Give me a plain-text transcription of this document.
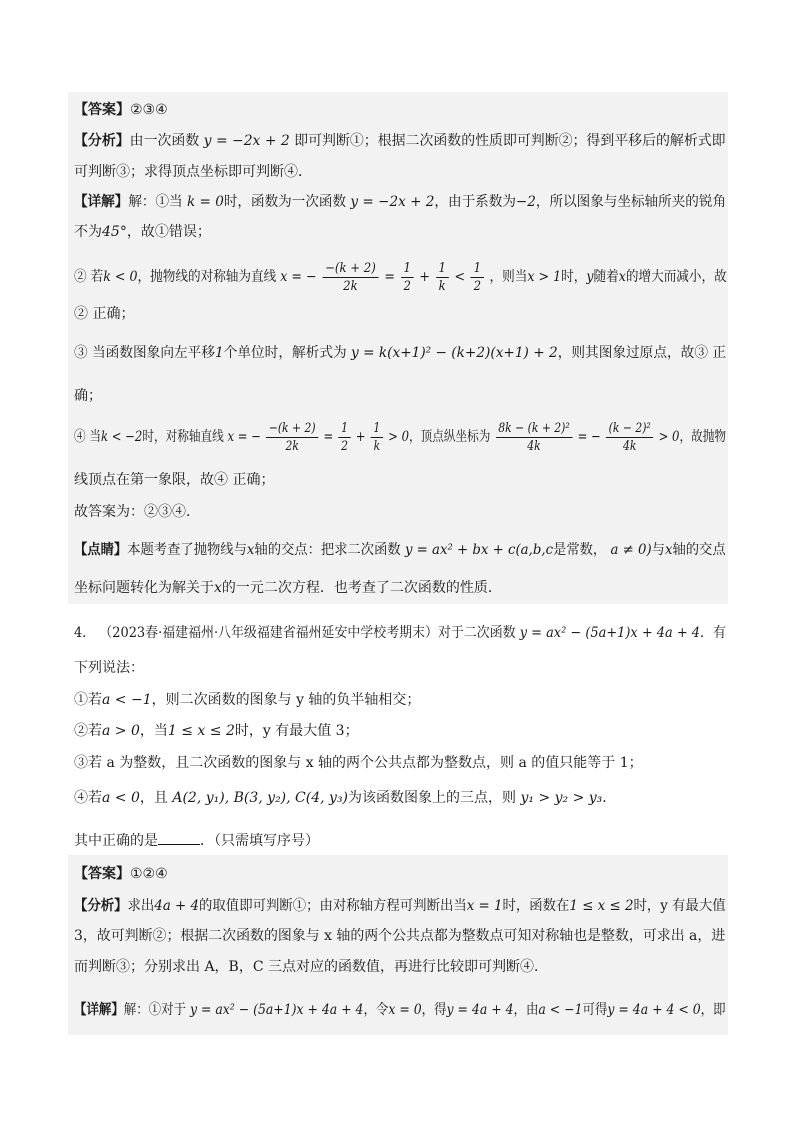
【答案】②③④
【分析】由一次函数 y = −2x + 2 即可判断①；根据二次函数的性质即可判断②；得到平移后的解析式即
可判断③；求得顶点坐标即可判断④．
【详解】解：①当 k = 0时，函数为一次函数 y = −2x + 2，由于系数为−2，所以图象与坐标轴所夹的锐角
不为45°，故①错误；
② 若k < 0，抛物线的对称轴为直线 x = − $\frac{-(k + 2)}{2k} = \frac{1}{2} + \frac{1}{k} < \frac{1}{2}$ ，则当x > 1时，y随着x的增大而减小，故
② 正确；
③ 当函数图象向左平移1个单位时，解析式为 y = k(x+1)² − (k+2)(x+1) + 2，则其图象过原点，故③ 正
确；
④ 当k < −2时，对称轴直线 x = − $\frac{-(k + 2)}{2k} = \frac{1}{2} + \frac{1}{k} > 0$，顶点纵坐标为 $\frac{\text{8k − (k + 2)²}}{4k}$ = − $\frac{\text{(k − 2)²}}{4k} > 0$，故抛物
线顶点在第一象限，故④ 正确；
故答案为：②③④．
【点睛】本题考查了抛物线与x轴的交点：把求二次函数 y = ax² + bx + c(a,b,c是常数， a ≠ 0)与x轴的交点
坐标问题转化为解关于x的一元二次方程．也考查了二次函数的性质．
4． （2023春·福建福州·八年级福建省福州延安中学校考期末）对于二次函数 y = ax² − (5a+1)x + 4a + 4．有
下列说法：
①若a < −1，则二次函数的图象与 y 轴的负半轴相交；
②若a > 0，当1 ≤ x ≤ 2时，y 有最大值 3；
③若 a 为整数，且二次函数的图象与 x 轴的两个公共点都为整数点，则 a 的值只能等于 1；
④若a < 0，且 A(2, y₁), B(3, y₂), C(4, y₃)为该函数图象上的三点，则 y₁ > y₂ > y₃．
其中正确的是	．（只需填写序号）
【答案】①②④
【分析】求出4a + 4的取值即可判断①；由对称轴方程可判断出当x = 1时，函数在1 ≤ x ≤ 2时，y 有最大值
3，故可判断②；根据二次函数的图象与 x 轴的两个公共点都为整数点可知对称轴也是整数，可求出 a，进
而判断③；分别求出 A，B，C 三点对应的函数值，再进行比较即可判断④．
【详解】解：①对于 y = ax² − (5a+1)x + 4a + 4，令x = 0，得y = 4a + 4，由a < −1可得y = 4a + 4 < 0，即
